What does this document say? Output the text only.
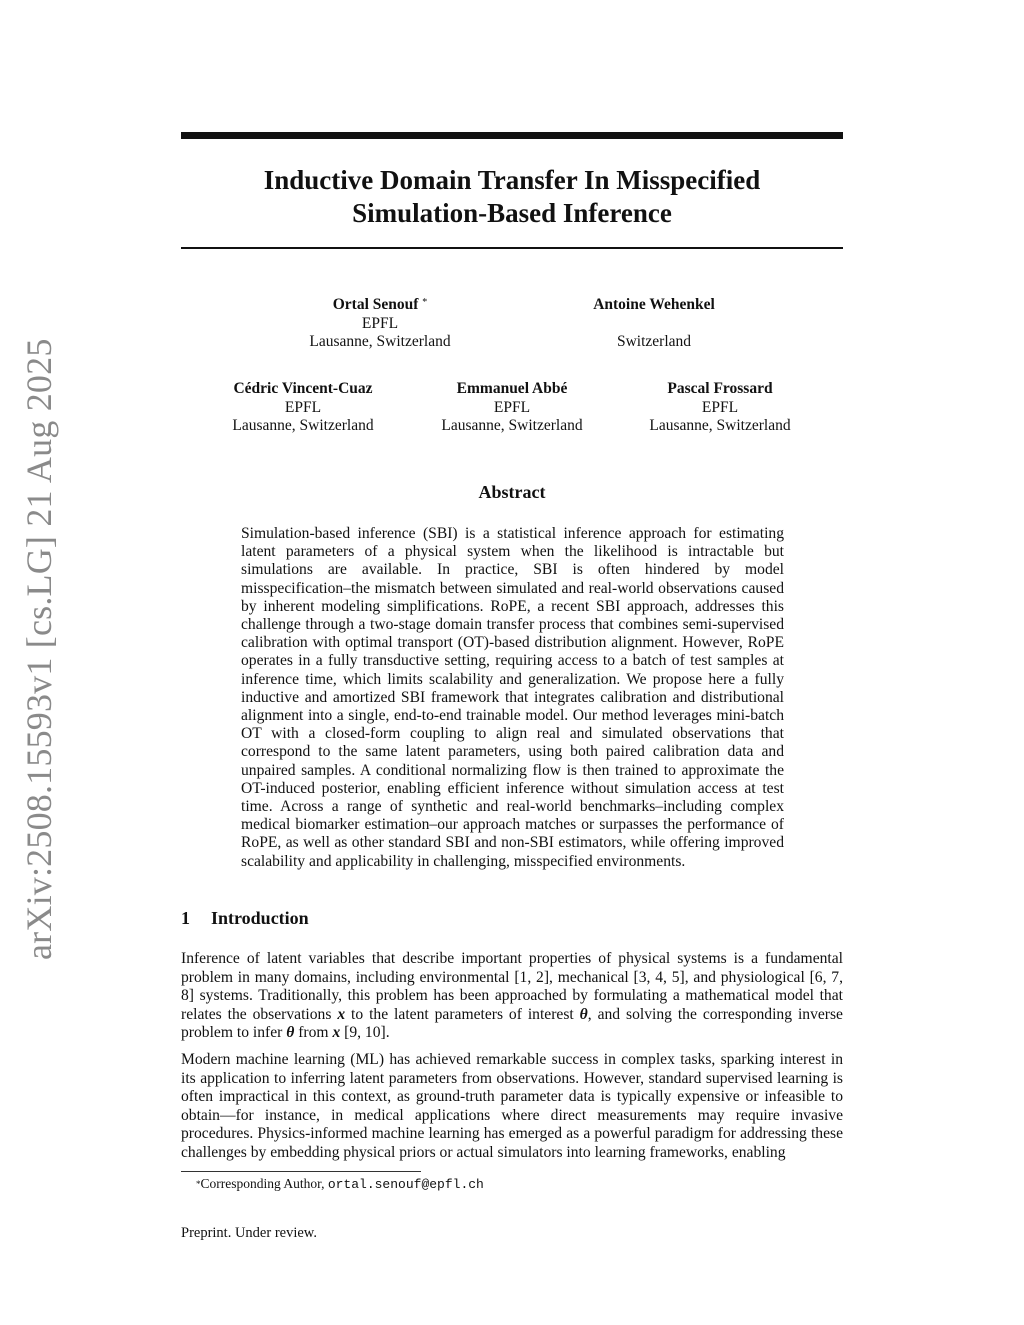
arXiv:2508.15593v1 [cs.LG] 21 Aug 2025
Inductive Domain Transfer In Misspecified
Simulation-Based Inference
Ortal Senouf *
EPFL
Lausanne, Switzerland
Antoine Wehenkel
Switzerland
Cédric Vincent-Cuaz
EPFL
Lausanne, Switzerland
Emmanuel Abbé
EPFL
Lausanne, Switzerland
Pascal Frossard
EPFL
Lausanne, Switzerland
Abstract
Simulation-based inference (SBI) is a statistical inference approach for estimating latent parameters of a physical system when the likelihood is intractable but simulations are available. In practice, SBI is often hindered by model misspecification–the mismatch between simulated and real-world observations caused by inherent modeling simplifications. RoPE, a recent SBI approach, addresses this challenge through a two-stage domain transfer process that combines semi-supervised calibration with optimal transport (OT)-based distribution alignment. However, RoPE operates in a fully transductive setting, requiring access to a batch of test samples at inference time, which limits scalability and generalization. We propose here a fully inductive and amortized SBI framework that integrates calibration and distributional alignment into a single, end-to-end trainable model. Our method leverages mini-batch OT with a closed-form coupling to align real and simulated observations that correspond to the same latent parameters, using both paired calibration data and unpaired samples. A conditional normalizing flow is then trained to approximate the OT-induced posterior, enabling efficient inference without simulation access at test time. Across a range of synthetic and real-world benchmarks–including complex medical biomarker estimation–our approach matches or surpasses the performance of RoPE, as well as other standard SBI and non-SBI estimators, while offering improved scalability and applicability in challenging, misspecified environments.
1 Introduction
Inference of latent variables that describe important properties of physical systems is a fundamental problem in many domains, including environmental [1, 2], mechanical [3, 4, 5], and physiological [6, 7, 8] systems. Traditionally, this problem has been approached by formulating a mathematical model that relates the observations x to the latent parameters of interest θ, and solving the corresponding inverse problem to infer θ from x [9, 10].
Modern machine learning (ML) has achieved remarkable success in complex tasks, sparking interest in its application to inferring latent parameters from observations. However, standard supervised learning is often impractical in this context, as ground-truth parameter data is typically expensive or infeasible to obtain—for instance, in medical applications where direct measurements may require invasive procedures. Physics-informed machine learning has emerged as a powerful paradigm for addressing these challenges by embedding physical priors or actual simulators into learning frameworks, enabling
*Corresponding Author, ortal.senouf@epfl.ch
Preprint. Under review.
